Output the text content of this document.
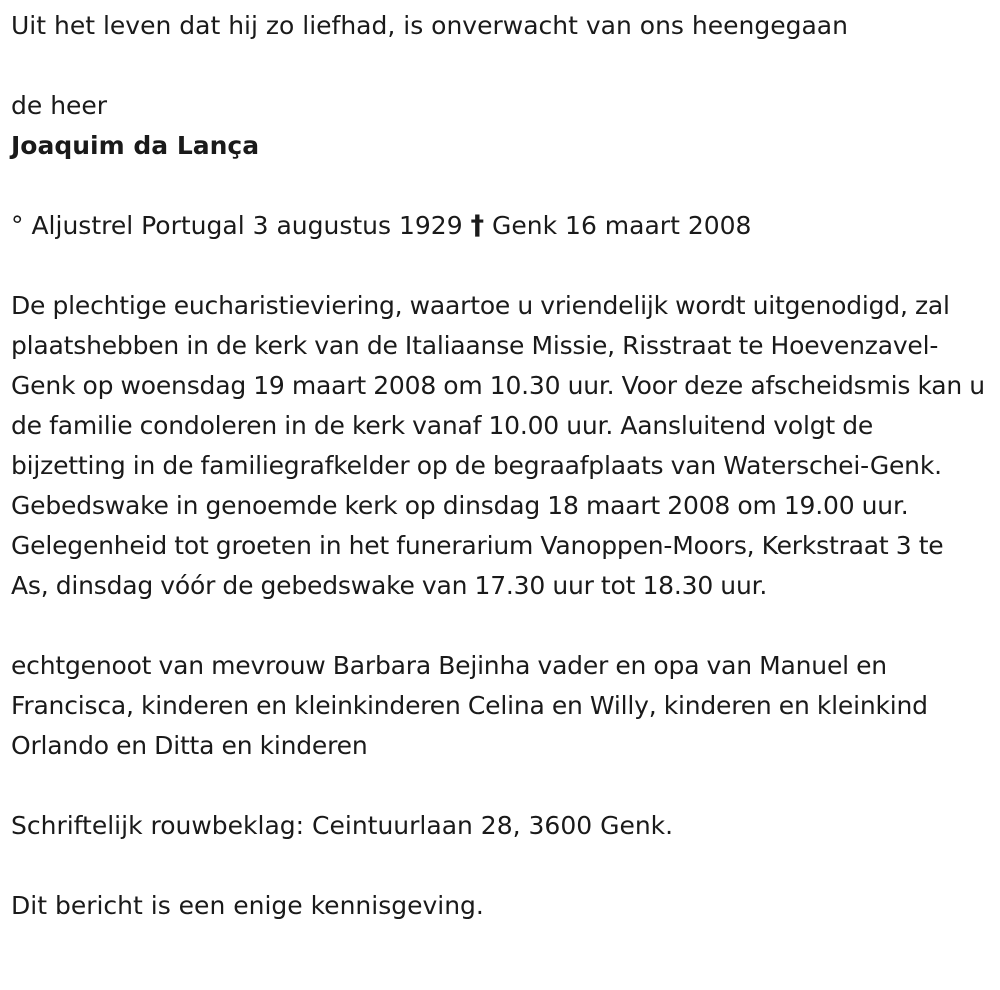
Uit het leven dat hij zo liefhad, is onverwacht van ons heengegaan

de heer

Joaquim da Lança

° Aljustrel Portugal 3 augustus 1929 † Genk 16 maart 2008

De plechtige eucharistieviering, waartoe u vriendelijk wordt uitgenodigd, zal plaatshebben in de kerk van de Italiaanse Missie, Risstraat te Hoevenzavel-Genk op woensdag 19 maart 2008 om 10.30 uur. Voor deze afscheidsmis kan u de familie condoleren in de kerk vanaf 10.00 uur. Aansluitend volgt de bijzetting in de familiegrafkelder op de begraafplaats van Waterschei-Genk. Gebedswake in genoemde kerk op dinsdag 18 maart 2008 om 19.00 uur. Gelegenheid tot groeten in het funerarium Vanoppen-Moors, Kerkstraat 3 te As, dinsdag vóór de gebedswake van 17.30 uur tot 18.30 uur.

echtgenoot van mevrouw Barbara Bejinha vader en opa van Manuel en Francisca, kinderen en kleinkinderen Celina en Willy, kinderen en kleinkind Orlando en Ditta en kinderen

Schriftelijk rouwbeklag: Ceintuurlaan 28, 3600 Genk.

Dit bericht is een enige kennisgeving.
